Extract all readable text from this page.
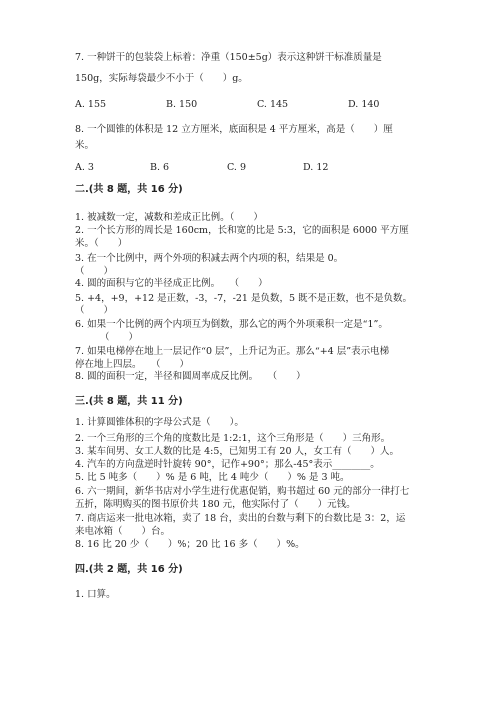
7. 一种饼干的包装袋上标着：净重（150±5g）表示这种饼干标准质量是
150g，实际每袋最少不小于（　　）g。
A. 155	B. 150	C. 145	D. 140
8. 一个圆锥的体积是 12 立方厘米，底面积是 4 平方厘米，高是（　　）厘
米。
A. 3	B. 6	C. 9	D. 12
二.(共 8 题，共 16 分)
1. 被减数一定，减数和差成正比例。（　　）
2. 一个长方形的周长是 160cm，长和宽的比是 5:3，它的面积是 6000 平方厘
米。（　　）
3. 在一个比例中，两个外项的积减去两个内项的积，结果是 0。
（　　）
4. 圆的面积与它的半径成正比例。　　（　　）
5. +4，+9，+12 是正数，-3，-7，-21 是负数，5 既不是正数，也不是负数。
（　　）
6. 如果一个比例的两个内项互为倒数，那么它的两个外项乘积一定是“1”。
（　　）
7. 如果电梯停在地上一层记作“0 层”，上升记为正。那么“+4 层”表示电梯
停在地上四层。　　（　　）
8. 圆的面积一定，半径和圆周率成反比例。　　（　　）
三.(共 8 题，共 11 分)
1. 计算圆锥体积的字母公式是（　　）。
2. 一个三角形的三个角的度数比是 1:2:1，这个三角形是（　　）三角形。
3. 某车间男、女工人数的比是 4:5，已知男工有 20 人，女工有（　　）人。
4. 汽车的方向盘逆时针旋转 90°，记作+90°；那么-45°表示________。
5. 比 5 吨多（　　）% 是 6 吨，比 4 吨少（　　）% 是 3 吨。
6. 六一期间，新华书店对小学生进行优惠促销，购书超过 60 元的部分一律打七
五折，陈明购买的图书原价共 180 元，他实际付了（　　）元钱。
7. 商店运来一批电冰箱，卖了 18 台，卖出的台数与剩下的台数比是 3：2，运
来电冰箱（　　）台。
8. 16 比 20 少（　　）%；20 比 16 多（　　）%。
四.(共 2 题，共 16 分)
1. 口算。
